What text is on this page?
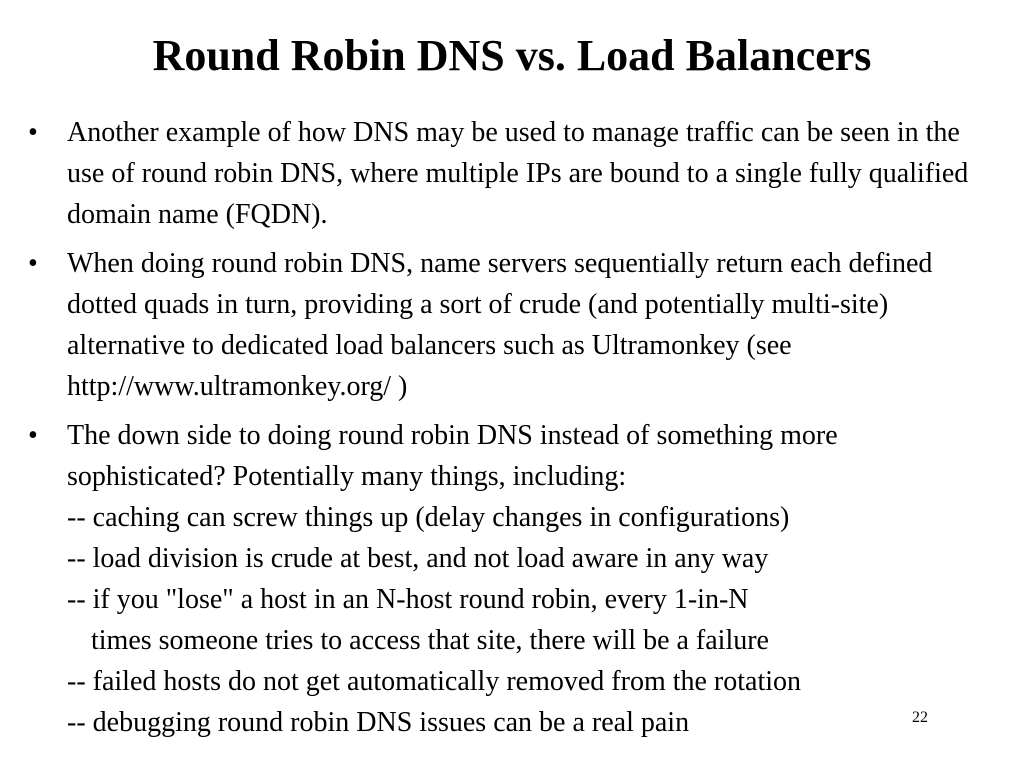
Round Robin DNS vs. Load Balancers
•	Another example of how DNS may be used to manage traffic can be seen in the use of round robin DNS, where multiple IPs are bound to a single fully qualified domain name (FQDN).
•	When doing round robin DNS, name servers sequentially return each defined dotted quads in turn, providing a sort of crude (and potentially multi-site) alternative to dedicated load balancers such as Ultramonkey (see http://www.ultramonkey.org/ )
•	The down side to doing round robin DNS instead of something more sophisticated? Potentially many things, including:
-- caching can screw things up (delay changes in configurations)
-- load division is crude at best, and not load aware in any way
-- if you "lose" a host in an N-host round robin, every 1-in-N
times someone tries to access that site, there will be a failure
-- failed hosts do not get automatically removed from the rotation
-- debugging round robin DNS issues can be a real pain	22
